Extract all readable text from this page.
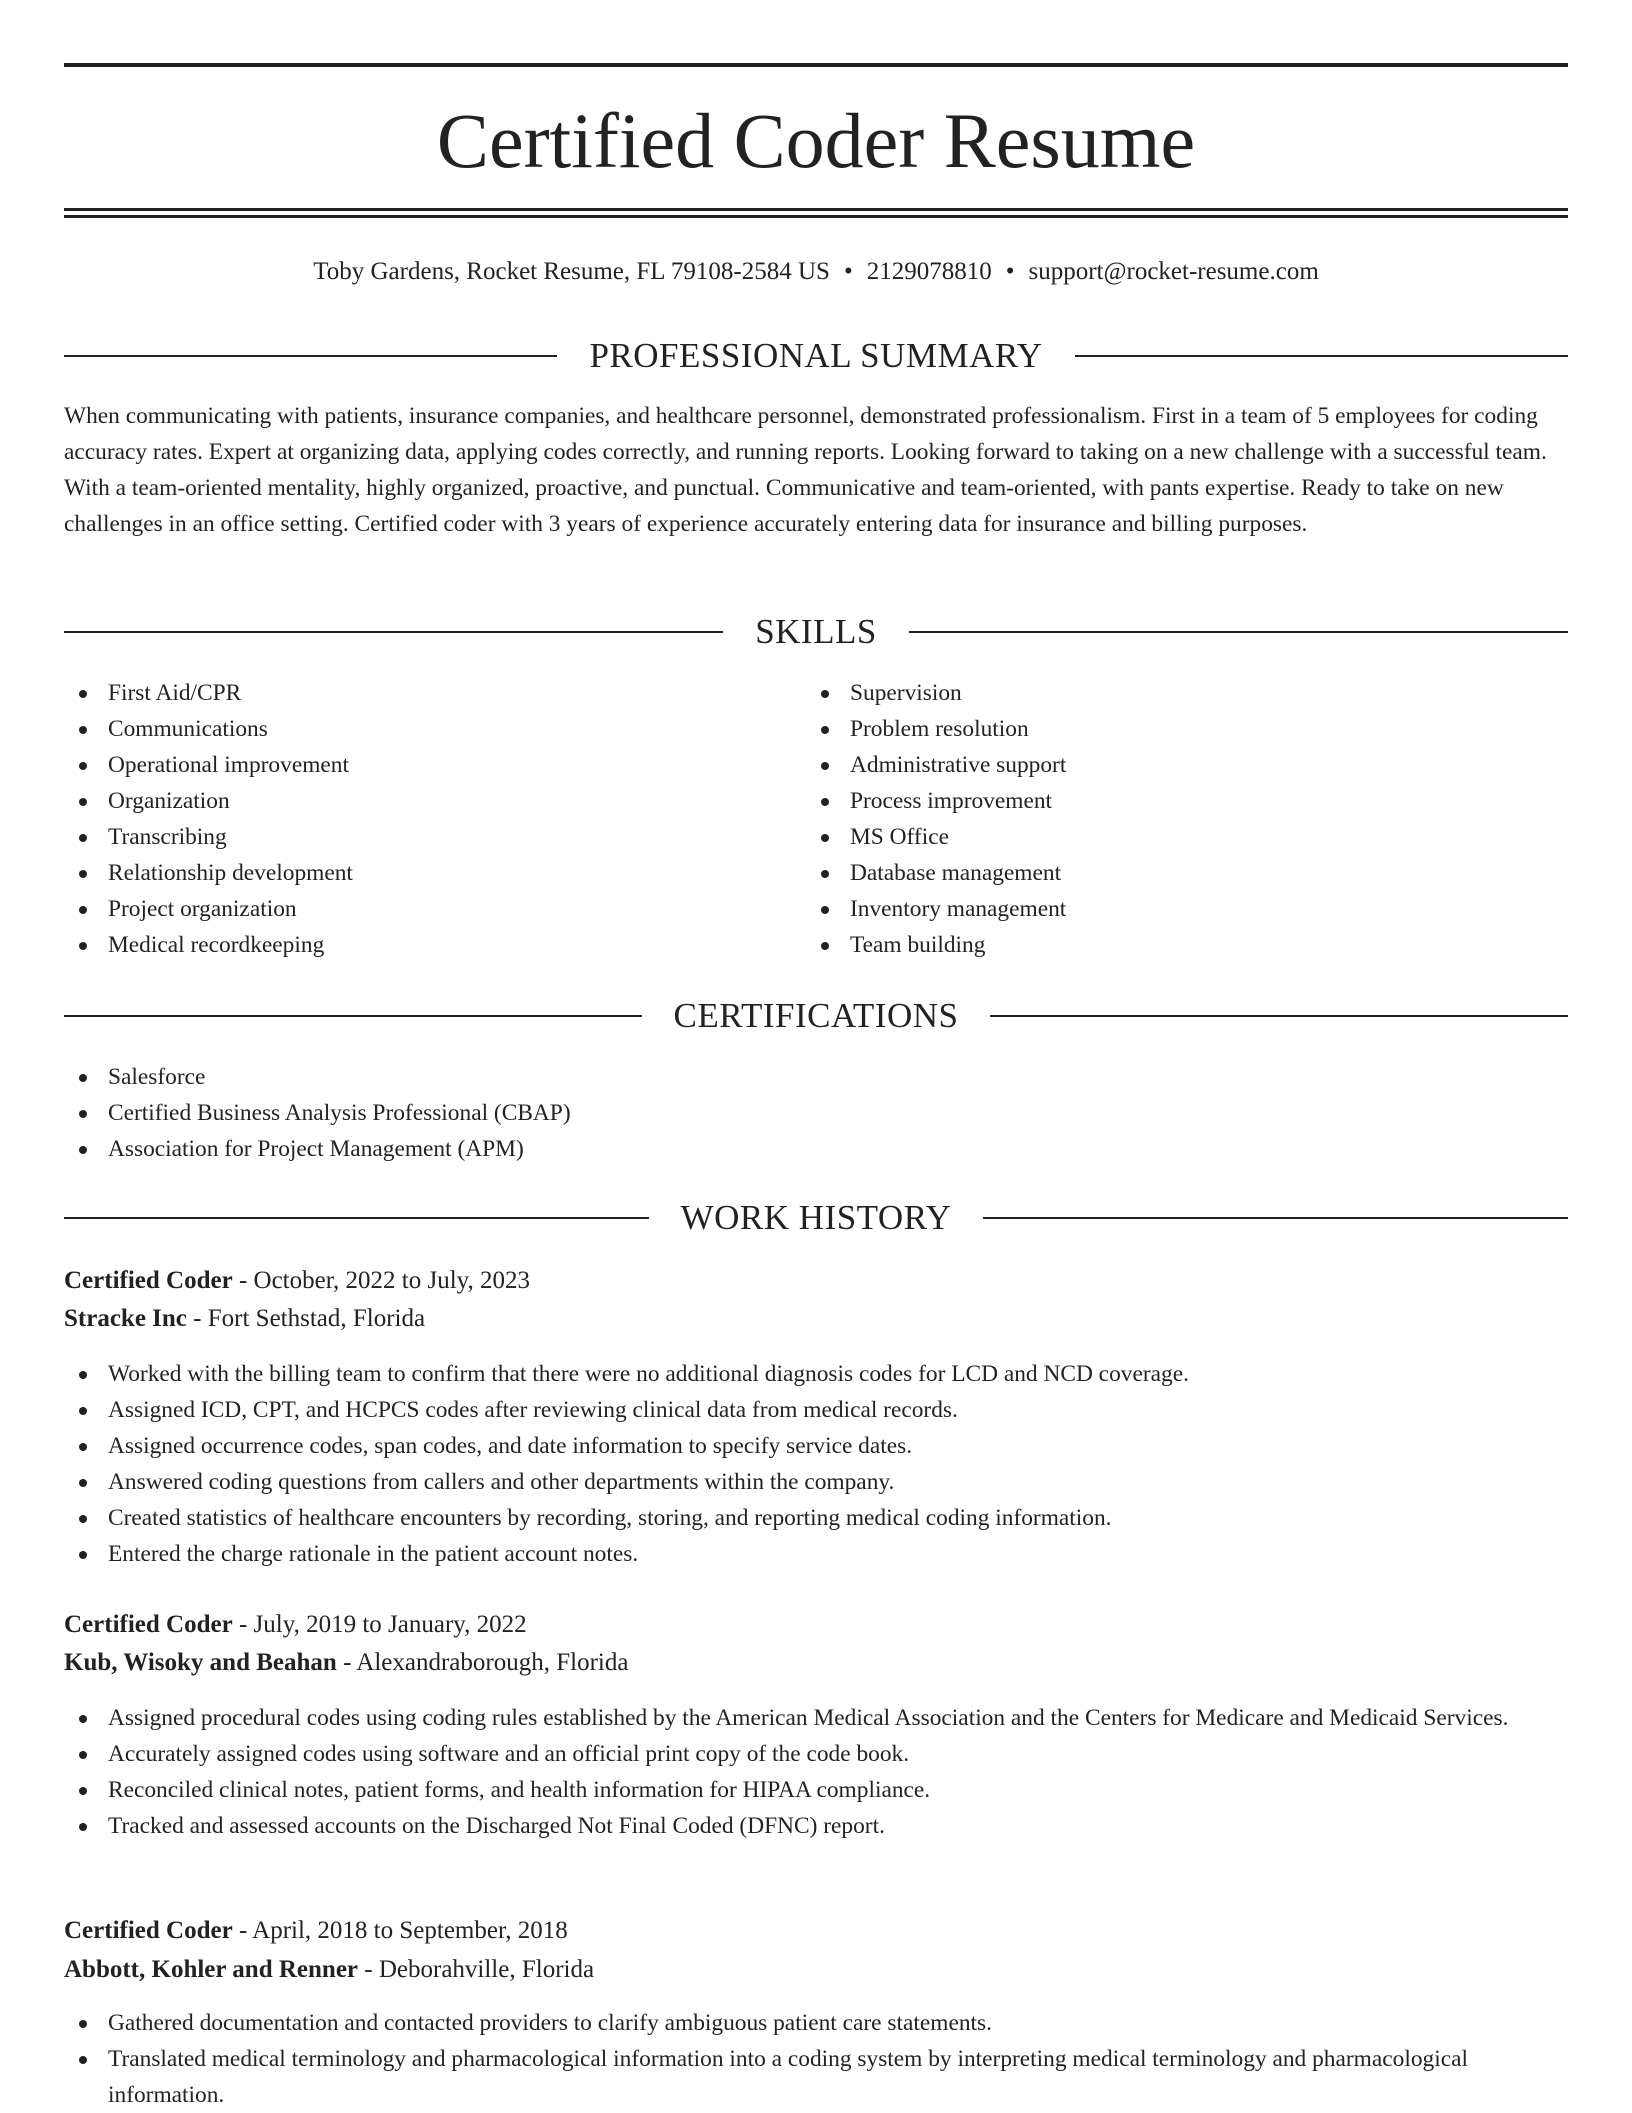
Certified Coder Resume
Toby Gardens, Rocket Resume, FL 79108-2584 US • 2129078810 • support@rocket-resume.com
PROFESSIONAL SUMMARY

When communicating with patients, insurance companies, and healthcare personnel, demonstrated professionalism. First in a team of 5 employees for coding accuracy rates. Expert at organizing data, applying codes correctly, and running reports. Looking forward to taking on a new challenge with a successful team. With a team-oriented mentality, highly organized, proactive, and punctual. Communicative and team-oriented, with pants expertise. Ready to take on new challenges in an office setting. Certified coder with 3 years of experience accurately entering data for insurance and billing purposes.

SKILLS
First Aid/CPR
Communications
Operational improvement
Organization
Transcribing
Relationship development
Project organization
Medical recordkeeping
Supervision
Problem resolution
Administrative support
Process improvement
MS Office
Database management
Inventory management
Team building
CERTIFICATIONS
Salesforce
Certified Business Analysis Professional (CBAP)
Association for Project Management (APM)
WORK HISTORY
Certified Coder - October, 2022 to July, 2023
Stracke Inc - Fort Sethstad, Florida
Worked with the billing team to confirm that there were no additional diagnosis codes for LCD and NCD coverage.
Assigned ICD, CPT, and HCPCS codes after reviewing clinical data from medical records.
Assigned occurrence codes, span codes, and date information to specify service dates.
Answered coding questions from callers and other departments within the company.
Created statistics of healthcare encounters by recording, storing, and reporting medical coding information.
Entered the charge rationale in the patient account notes.
Certified Coder - July, 2019 to January, 2022
Kub, Wisoky and Beahan - Alexandraborough, Florida
Assigned procedural codes using coding rules established by the American Medical Association and the Centers for Medicare and Medicaid Services.
Accurately assigned codes using software and an official print copy of the code book.
Reconciled clinical notes, patient forms, and health information for HIPAA compliance.
Tracked and assessed accounts on the Discharged Not Final Coded (DFNC) report.
Certified Coder - April, 2018 to September, 2018
Abbott, Kohler and Renner - Deborahville, Florida
Gathered documentation and contacted providers to clarify ambiguous patient care statements.
Translated medical terminology and pharmacological information into a coding system by interpreting medical terminology and pharmacological information.
